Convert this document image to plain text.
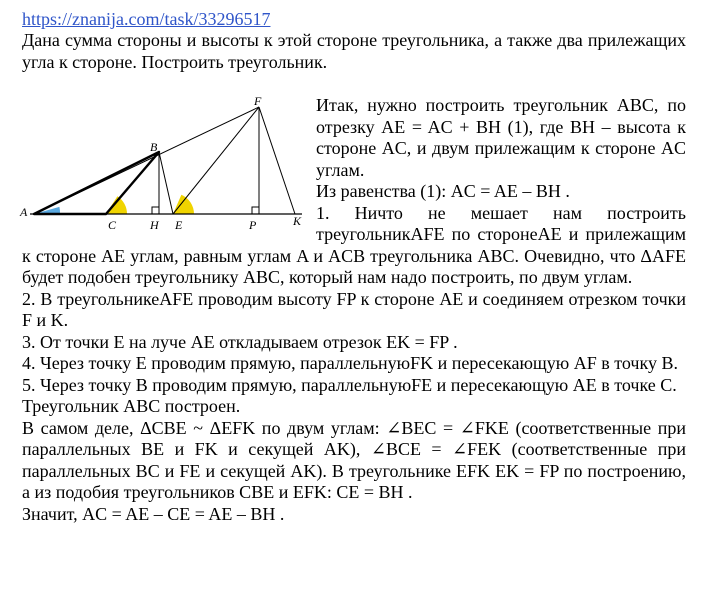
https://znanija.com/task/33296517

Дана сумма стороны и высоты к этой стороне треугольника, а также два прилежащих угла к стороне. Построить треугольник.

A
B
C	H E
F
P	K

Итак, нужно построить треугольник ABC, по отрезку AE = AC + BH (1), где BH – высота к стороне AC, и двум прилежащим к стороне AC углам.

Из равенства (1): AC = AE – BH .

1. Ничто не мешает нам построить треугольникAFE по сторонеAE и прилежащим к стороне AE углам, равным углам A и ACB треугольника ABC. Очевидно, что ΔAFE будет подобен треугольнику ABC, который нам надо построить, по двум углам.

2. В треугольникеAFE проводим высоту FP к стороне AE и соединяем отрезком точки F и K.

3. От точки E на луче AE откладываем отрезок EK = FP .

4. Через точку E проводим прямую, параллельнуюFK и пересекающую AF в точку B.

5. Через точку B проводим прямую, параллельнуюFE и пересекающую AE в точке C.

Треугольник ABC построен.

В самом деле, ΔCBE ~ ΔEFK по двум углам: ∠BEC = ∠FKE (соответственные при параллельных BE и FK и секущей AK), ∠BCE = ∠FEK (соответственные при параллельных BC и FE и секущей AK). В треугольнике EFK EK = FP по построению, а из подобия треугольников CBE и EFK: CE = BH .

Значит, AC = AE – CE = AE – BH .
